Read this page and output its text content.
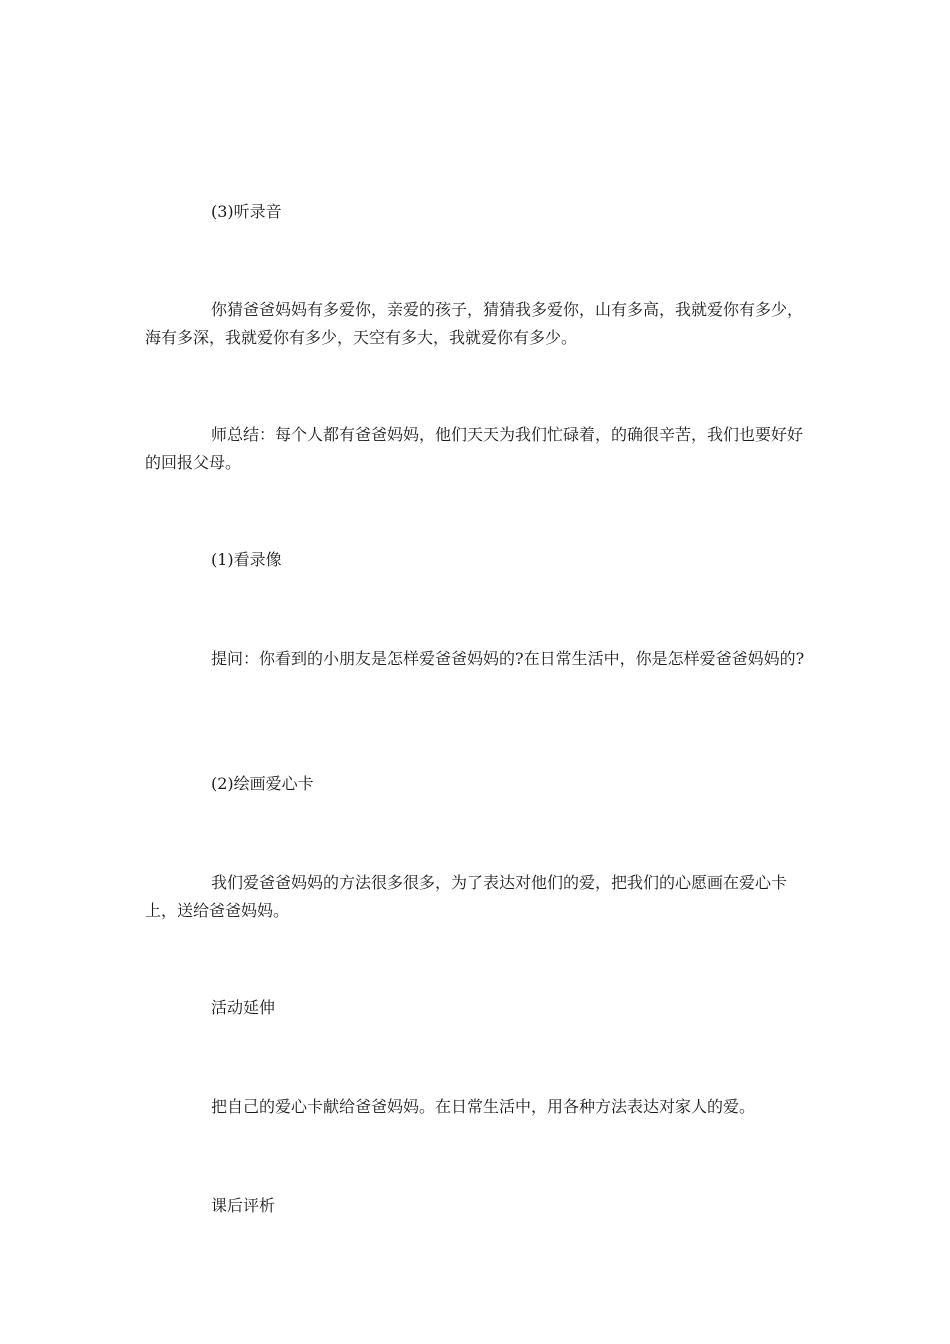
(3)听录音

你猜爸爸妈妈有多爱你，亲爱的孩子，猜猜我多爱你，山有多高，我就爱你有多少，海有多深，我就爱你有多少，天空有多大，我就爱你有多少。

师总结：每个人都有爸爸妈妈，他们天天为我们忙碌着，的确很辛苦，我们也要好好的回报父母。

(1)看录像

提问：你看到的小朋友是怎样爱爸爸妈妈的?在日常生活中，你是怎样爱爸爸妈妈的?

(2)绘画爱心卡

我们爱爸爸妈妈的方法很多很多，为了表达对他们的爱，把我们的心愿画在爱心卡上，送给爸爸妈妈。

活动延伸

把自己的爱心卡献给爸爸妈妈。在日常生活中，用各种方法表达对家人的爱。

课后评析
